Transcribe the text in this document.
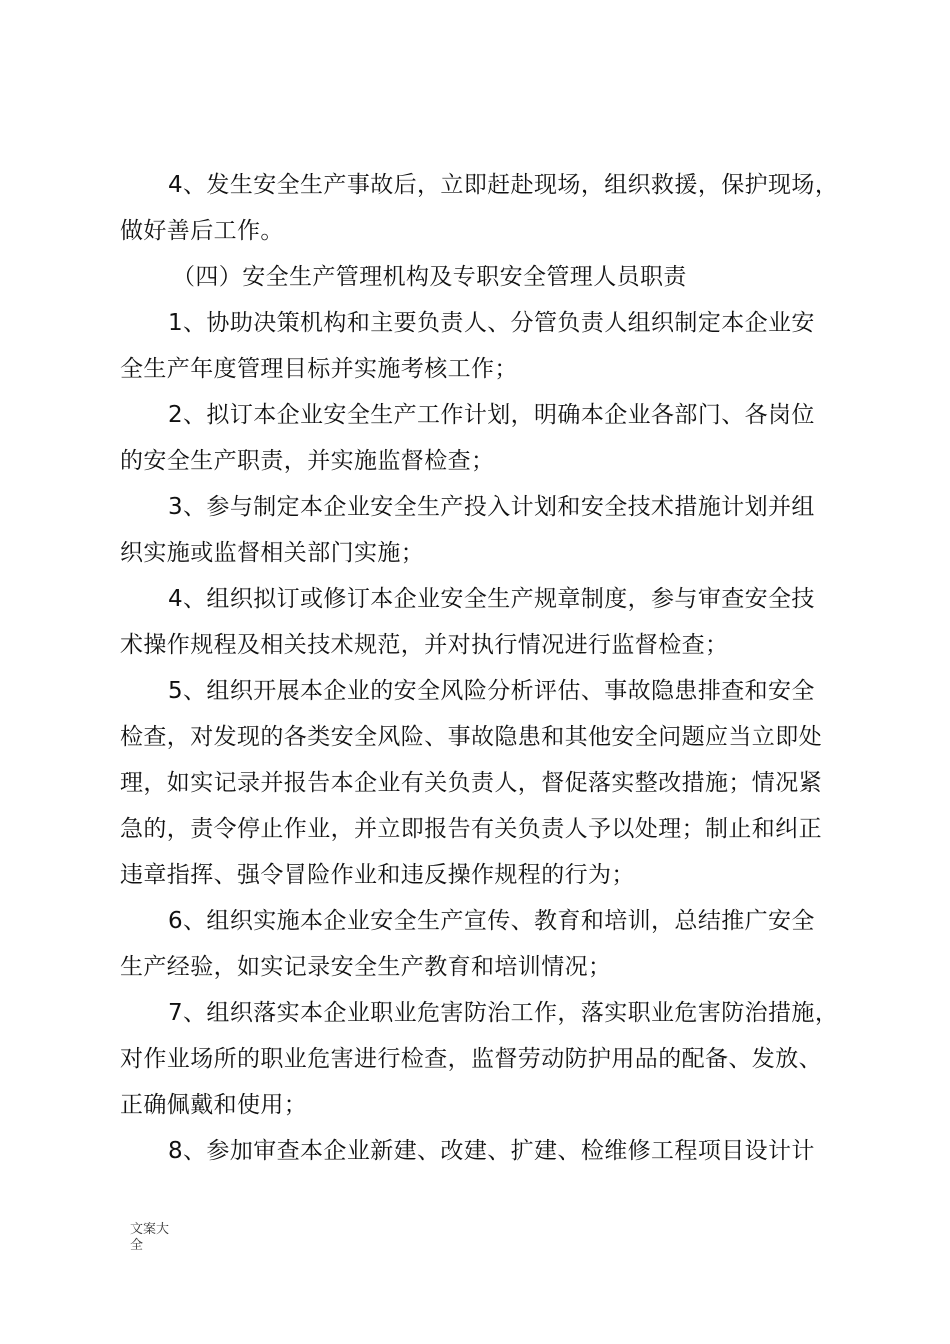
4、发生安全生产事故后，立即赶赴现场，组织救援，保护现场，
做好善后工作。
（四）安全生产管理机构及专职安全管理人员职责
1、协助决策机构和主要负责人、分管负责人组织制定本企业安
全生产年度管理目标并实施考核工作；
2、拟订本企业安全生产工作计划，明确本企业各部门、各岗位
的安全生产职责，并实施监督检查；
3、参与制定本企业安全生产投入计划和安全技术措施计划并组
织实施或监督相关部门实施；
4、组织拟订或修订本企业安全生产规章制度，参与审查安全技
术操作规程及相关技术规范，并对执行情况进行监督检查；
5、组织开展本企业的安全风险分析评估、事故隐患排查和安全
检查，对发现的各类安全风险、事故隐患和其他安全问题应当立即处
理，如实记录并报告本企业有关负责人，督促落实整改措施；情况紧
急的，责令停止作业，并立即报告有关负责人予以处理；制止和纠正
违章指挥、强令冒险作业和违反操作规程的行为；
6、组织实施本企业安全生产宣传、教育和培训，总结推广安全
生产经验，如实记录安全生产教育和培训情况；
7、组织落实本企业职业危害防治工作，落实职业危害防治措施，
对作业场所的职业危害进行检查，监督劳动防护用品的配备、发放、
正确佩戴和使用；
8、参加审查本企业新建、改建、扩建、检维修工程项目设计计
文案大
全
